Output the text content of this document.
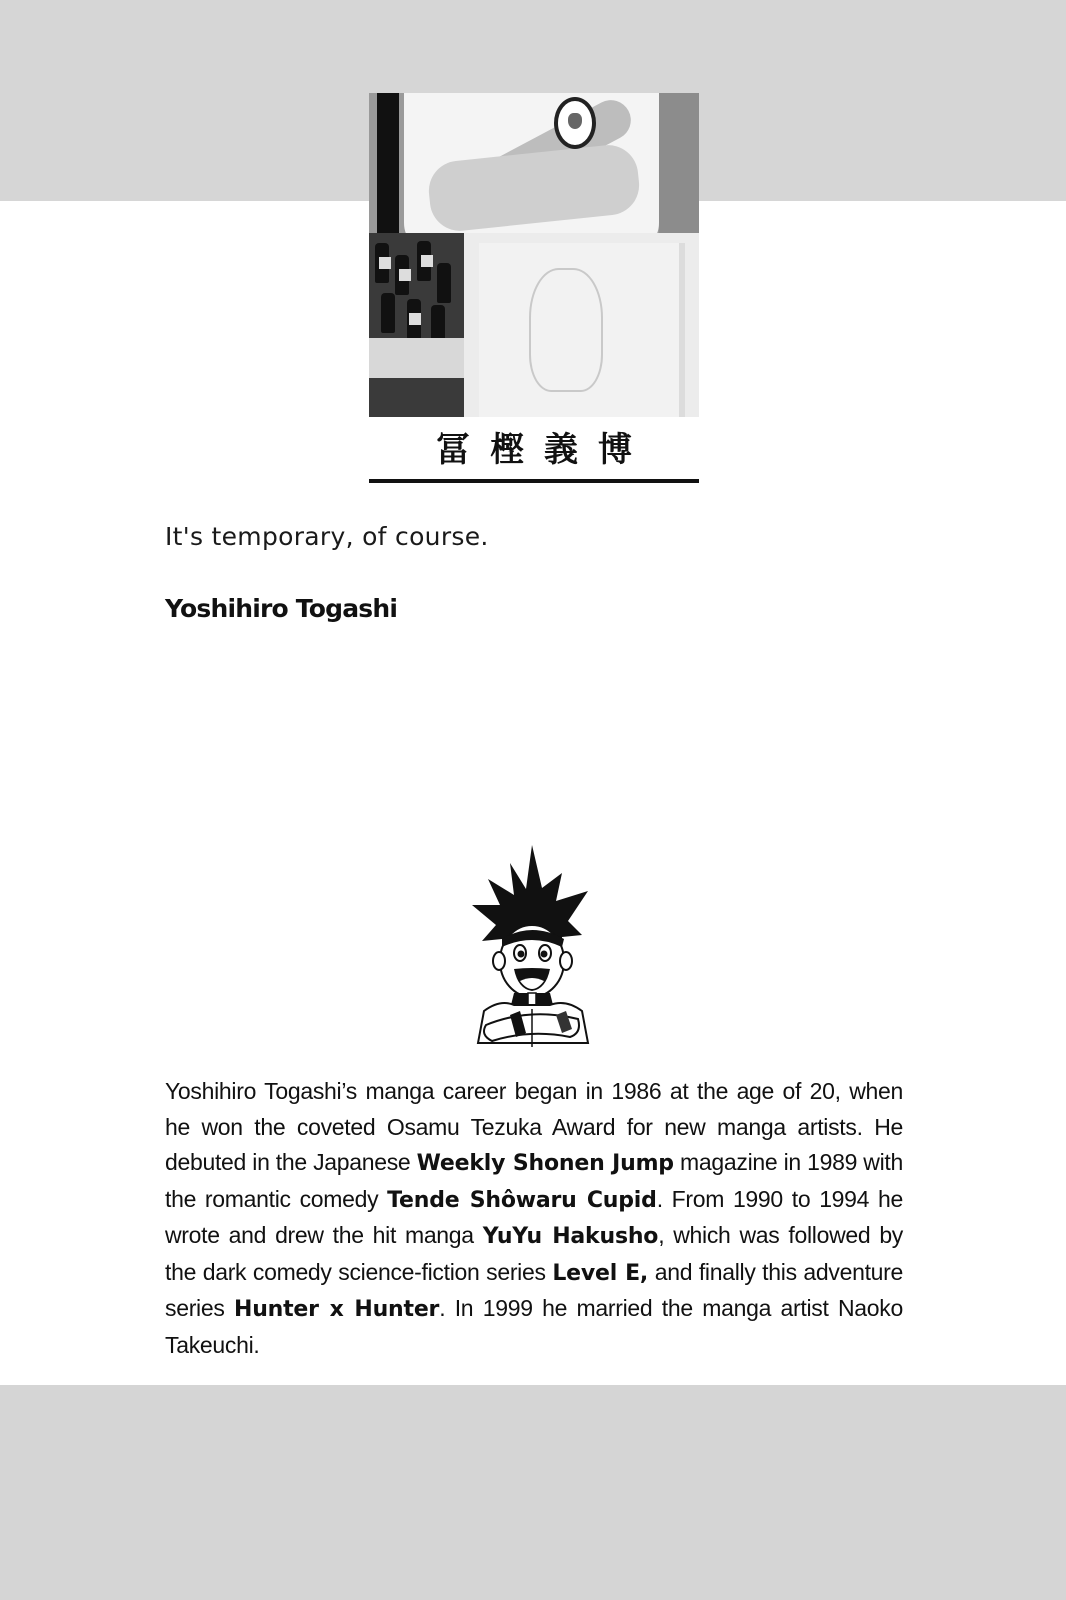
冨樫義博
It's temporary, of course.
Yoshihiro Togashi
Yoshihiro Togashi’s manga career began in 1986 at the age of 20, when he won the coveted Osamu Tezuka Award for new manga artists. He debuted in the Japanese Weekly Shonen Jump magazine in 1989 with the romantic comedy Tende Shôwaru Cupid. From 1990 to 1994 he wrote and drew the hit manga YuYu Hakusho, which was followed by the dark comedy science-fiction series Level E, and finally this adventure series Hunter x Hunter. In 1999 he married the manga artist Naoko Takeuchi.
